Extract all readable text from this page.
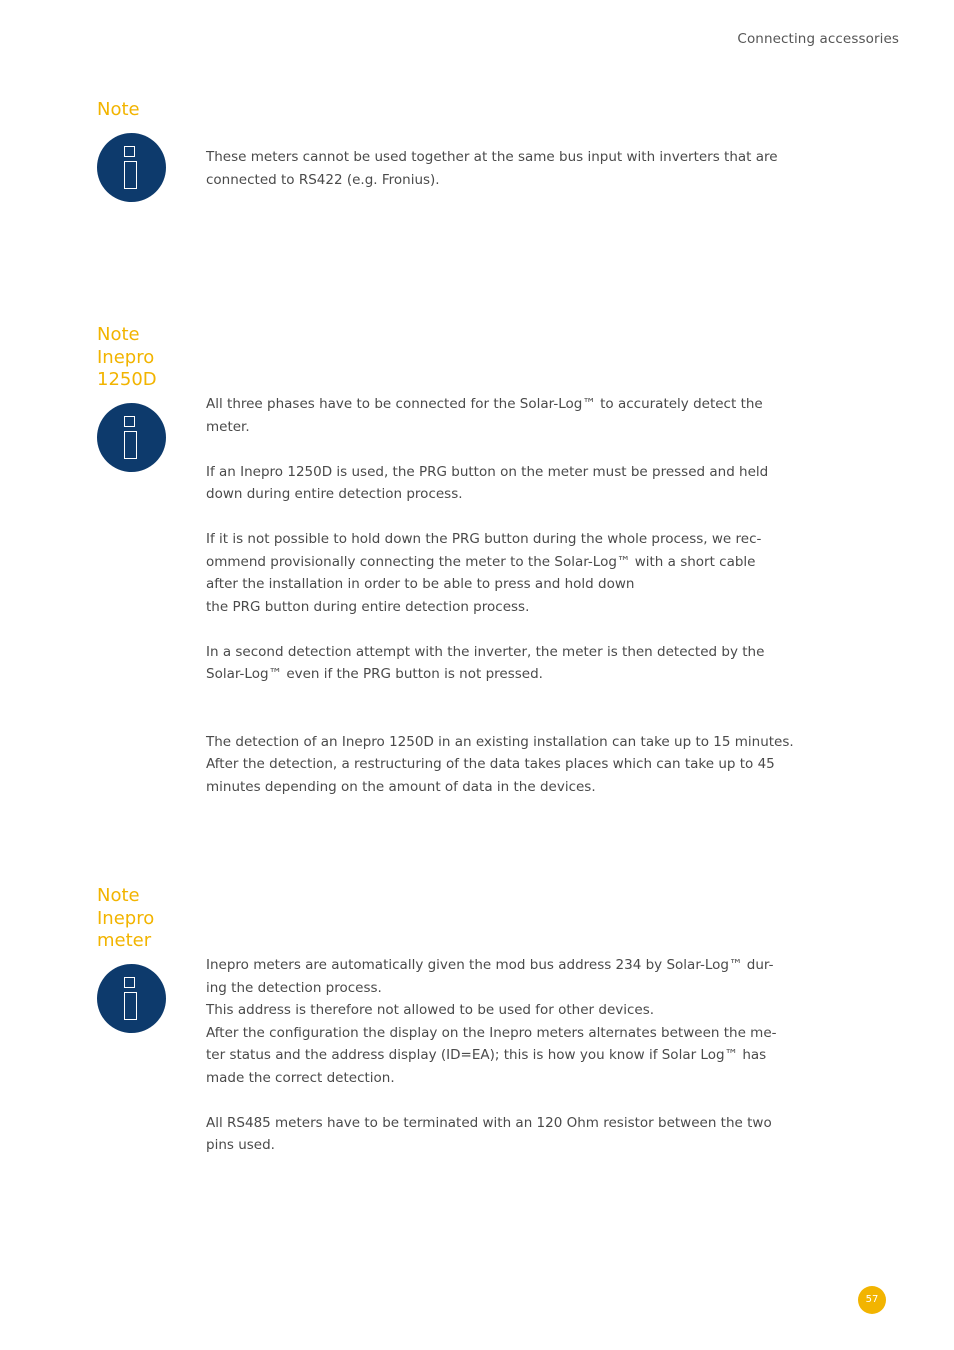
Connecting accessories
Note

These meters cannot be used together at the same bus input with inverters that are
connected to RS422 (e.g. Fronius).

Note
Inepro
1250D

All three phases have to be connected for the Solar-Log™ to accurately detect the
meter.

If an Inepro 1250D is used, the PRG button on the meter must be pressed and held
down during entire detection process.

If it is not possible to hold down the PRG button during the whole process, we rec-
ommend provisionally connecting the meter to the Solar-Log™ with a short cable
after the installation in order to be able to press and hold down
the PRG button during entire detection process.

In a second detection attempt with the inverter, the meter is then detected by the
Solar-Log™ even if the PRG button is not pressed.

The detection of an Inepro 1250D in an existing installation can take up to 15 minutes.
After the detection, a restructuring of the data takes places which can take up to 45
minutes depending on the amount of data in the devices.

Note
Inepro
meter

Inepro meters are automatically given the mod bus address 234 by Solar-Log™ dur-
ing the detection process.
This address is therefore not allowed to be used for other devices.
After the configuration the display on the Inepro meters alternates between the me-
ter status and the address display (ID=EA); this is how you know if Solar Log™ has
made the correct detection.

All RS485 meters have to be terminated with an 120 Ohm resistor between the two
pins used.

57
